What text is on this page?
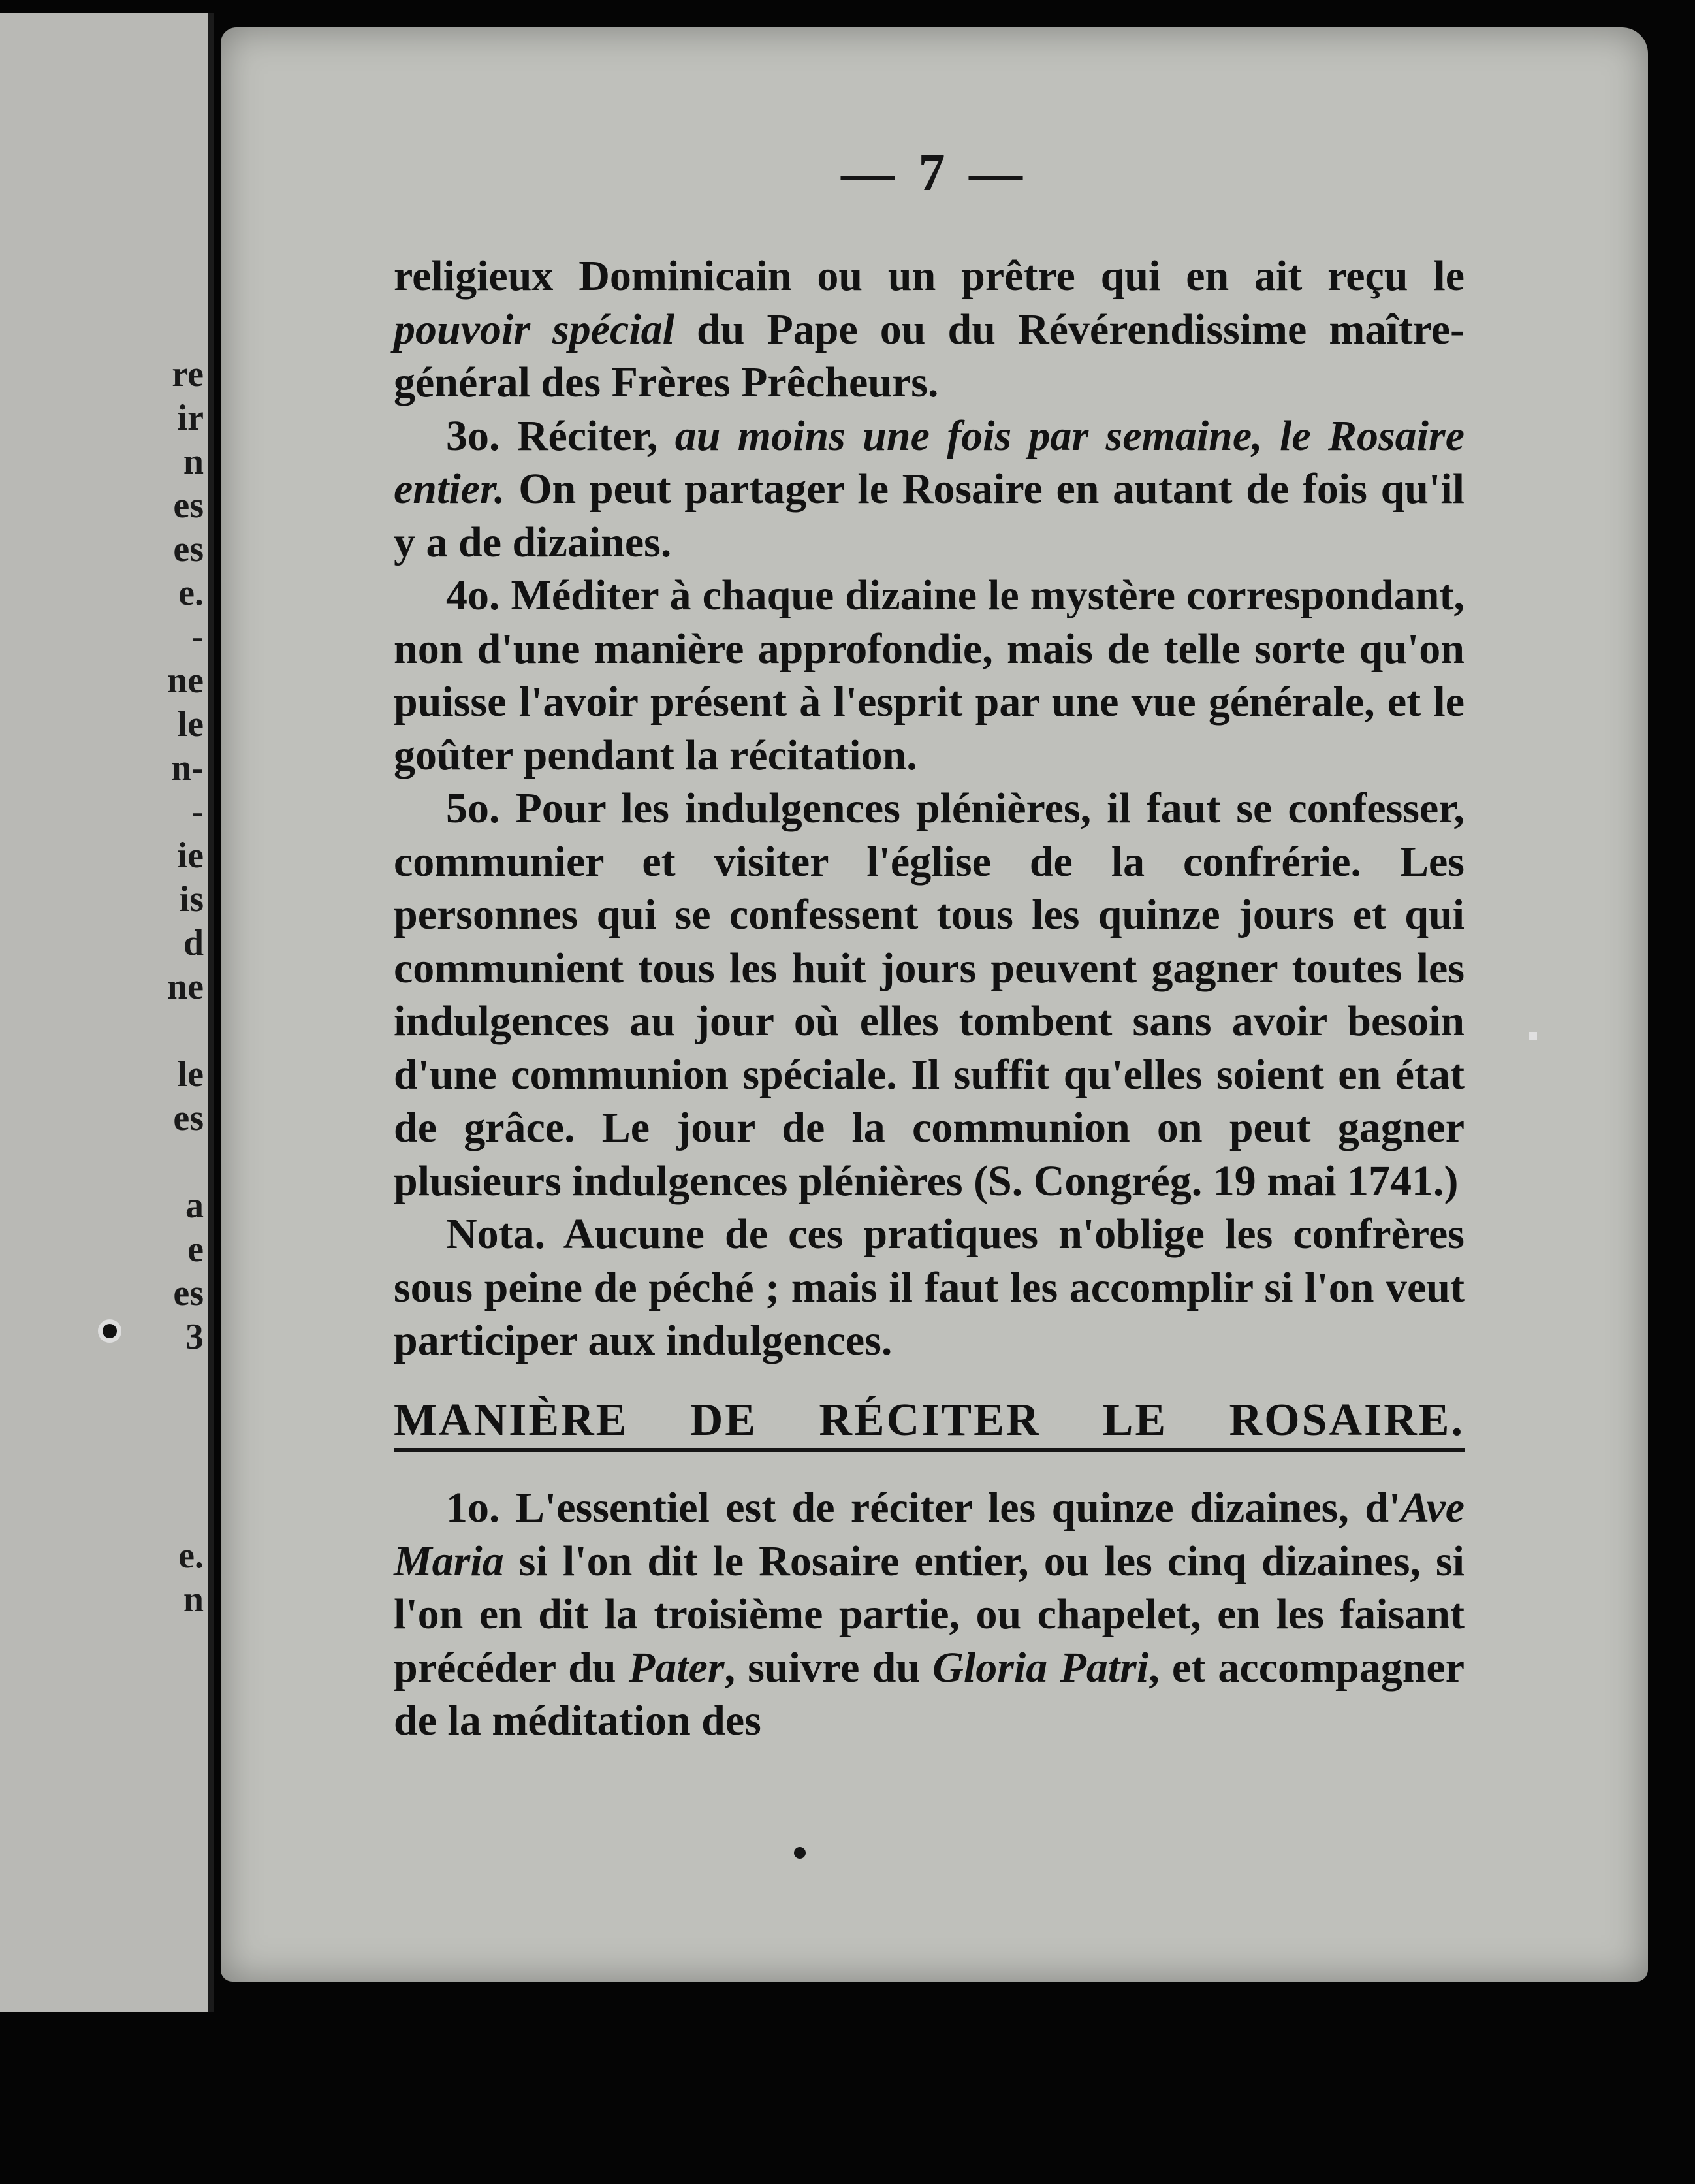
re
ir
n
es
es
e.
-
ne
le
n-
-
ie
is
d
ne

le
es

a
e
es
3

e.
n
— 7 —

religieux Dominicain ou un prêtre qui en ait reçu le pouvoir spécial du Pape ou du Révérendissime maître-général des Frères Prêcheurs.

3o. Réciter, au moins une fois par semaine, le Rosaire entier. On peut partager le Rosaire en autant de fois qu'il y a de dizaines.

4o. Méditer à chaque dizaine le mystère correspondant, non d'une manière approfondie, mais de telle sorte qu'on puisse l'avoir présent à l'esprit par une vue générale, et le goûter pendant la récitation.

5o. Pour les indulgences plénières, il faut se confesser, communier et visiter l'église de la confrérie. Les personnes qui se confessent tous les quinze jours et qui communient tous les huit jours peuvent gagner toutes les indulgences au jour où elles tombent sans avoir besoin d'une communion spéciale. Il suffit qu'elles soient en état de grâce. Le jour de la communion on peut gagner plusieurs indulgences plénières (S. Congrég. 19 mai 1741.)

Nota. Aucune de ces pratiques n'oblige les confrères sous peine de péché ; mais il faut les accomplir si l'on veut participer aux indulgences.

MANIÈRE DE RÉCITER LE ROSAIRE.

1o. L'essentiel est de réciter les quinze dizaines, d'Ave Maria si l'on dit le Rosaire entier, ou les cinq dizaines, si l'on en dit la troisième partie, ou chapelet, en les faisant précéder du Pater, suivre du Gloria Patri, et accompagner de la méditation des
